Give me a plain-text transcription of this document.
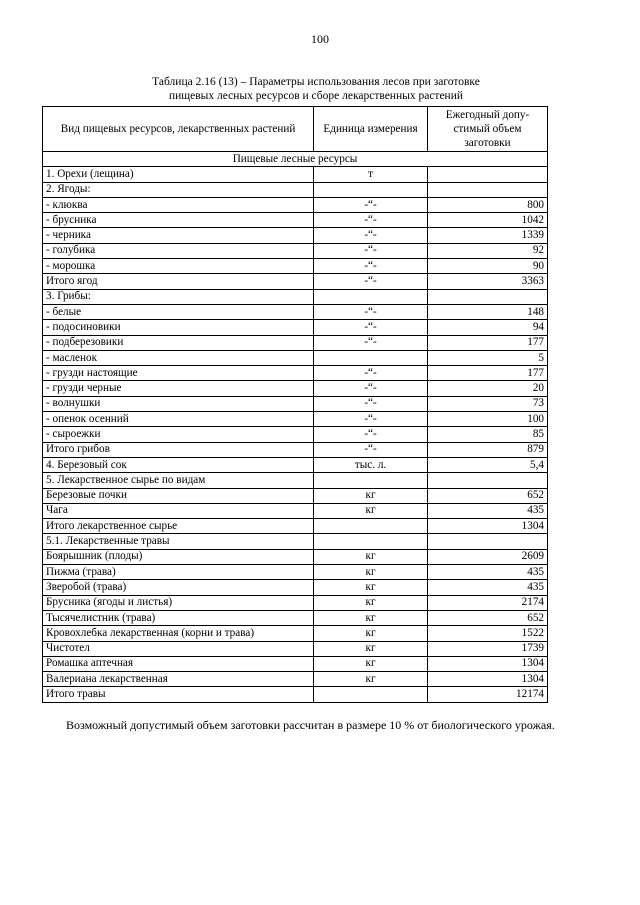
100
Таблица 2.16 (13) – Параметры использования лесов при заготовке
пищевых лесных ресурсов и сборе лекарственных растений
Вид пищевых ресурсов, лекарственных растений	Единица измерения	Ежегодный допу-стимый объем заготовки
Пищевые лесные ресурсы		
1. Орехи (лещина)	т	
2. Ягоды:		
- клюква	-“-	800
- брусника	-“-	1042
- черника	-“-	1339
- голубика	-“-	92
- морошка	-“-	90
Итого ягод	-“-	3363
3. Грибы:		
- белые	-“-	148
- подосиновики	-“-	94
- подберезовики	-“-	177
- масленок		5
- грузди настоящие	-“-	177
- грузди черные	-“-	20
- волнушки	-“-	73
- опенок осенний	-“-	100
- сыроежки	-“-	85
Итого грибов	-“-	879
4. Березовый сок	тыс. л.	5,4
5. Лекарственное сырье по видам		
Березовые почки	кг	652
Чага	кг	435
Итого лекарственное сырье		1304
5.1. Лекарственные травы		
Боярышник (плоды)	кг	2609
Пижма (трава)	кг	435
Зверобой (трава)	кг	435
Брусника (ягоды и листья)	кг	2174
Тысячелистник (трава)	кг	652
Кровохлебка лекарственная (корни и трава)	кг	1522
Чистотел	кг	1739
Ромашка аптечная	кг	1304
Валериана лекарственная	кг	1304
Итого травы		12174
Возможный допустимый объем заготовки рассчитан в размере 10 % от биологического урожая.
